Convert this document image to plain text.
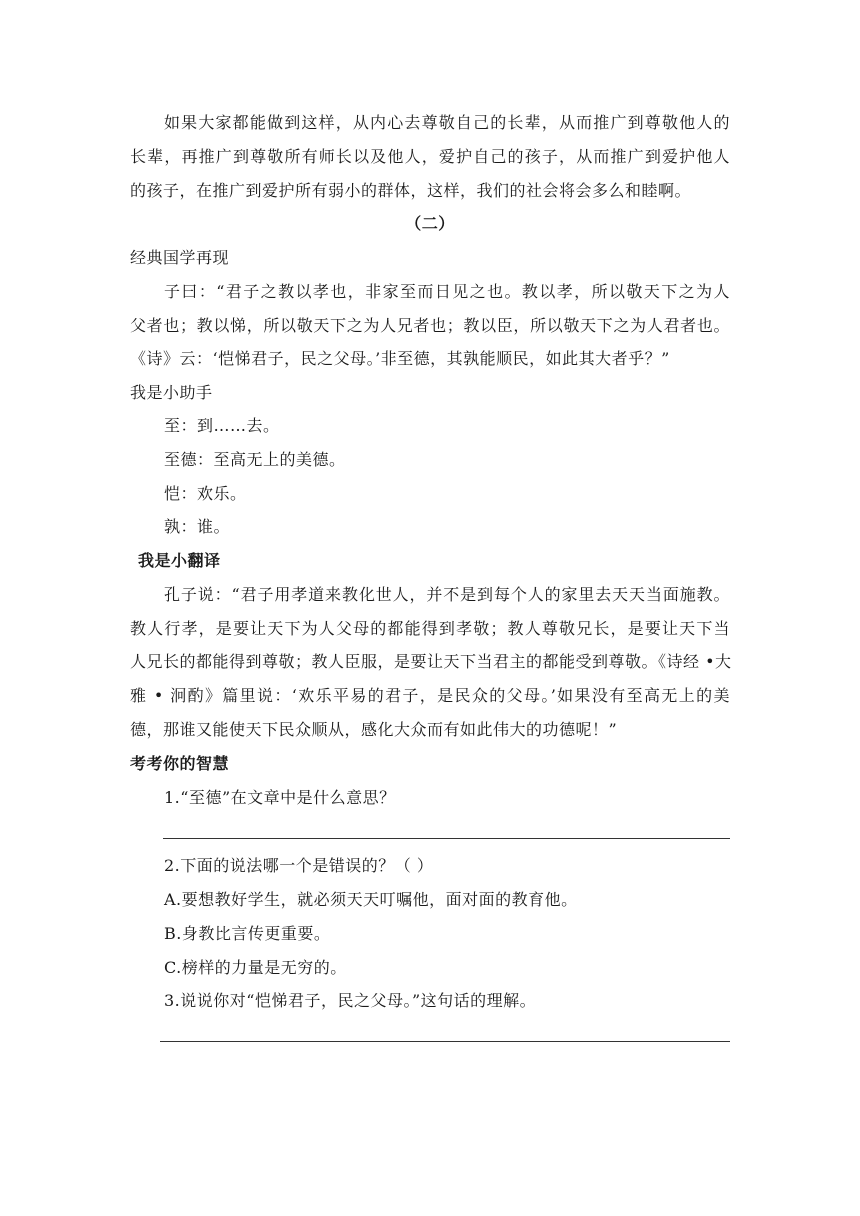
如果大家都能做到这样，从内心去尊敬自己的长辈，从而推广到尊敬他人的
长辈，再推广到尊敬所有师长以及他人，爱护自己的孩子，从而推广到爱护他人
的孩子，在推广到爱护所有弱小的群体，这样，我们的社会将会多么和睦啊。
（二）
经典国学再现
子曰：“君子之教以孝也，非家至而日见之也。教以孝，所以敬天下之为人
父者也；教以悌，所以敬天下之为人兄者也；教以臣，所以敬天下之为人君者也。
《诗》云：‘恺悌君子，民之父母。’非至德，其孰能顺民，如此其大者乎？”
我是小助手
至：到……去。
至德：至高无上的美德。
恺：欢乐。
孰：谁。
我是小翻译
孔子说：“君子用孝道来教化世人，并不是到每个人的家里去天天当面施教。
教人行孝，是要让天下为人父母的都能得到孝敬；教人尊敬兄长，是要让天下当
人兄长的都能得到尊敬；教人臣服，是要让天下当君主的都能受到尊敬。《诗经 •大
雅 • 泂酌》篇里说：‘欢乐平易的君子，是民众的父母。’如果没有至高无上的美
德，那谁又能使天下民众顺从，感化大众而有如此伟大的功德呢！”
考考你的智慧
1.“至德”在文章中是什么意思？
2.下面的说法哪一个是错误的？（ ）
A.要想教好学生，就必须天天叮嘱他，面对面的教育他。
B.身教比言传更重要。
C.榜样的力量是无穷的。
3.说说你对“恺悌君子，民之父母。”这句话的理解。
